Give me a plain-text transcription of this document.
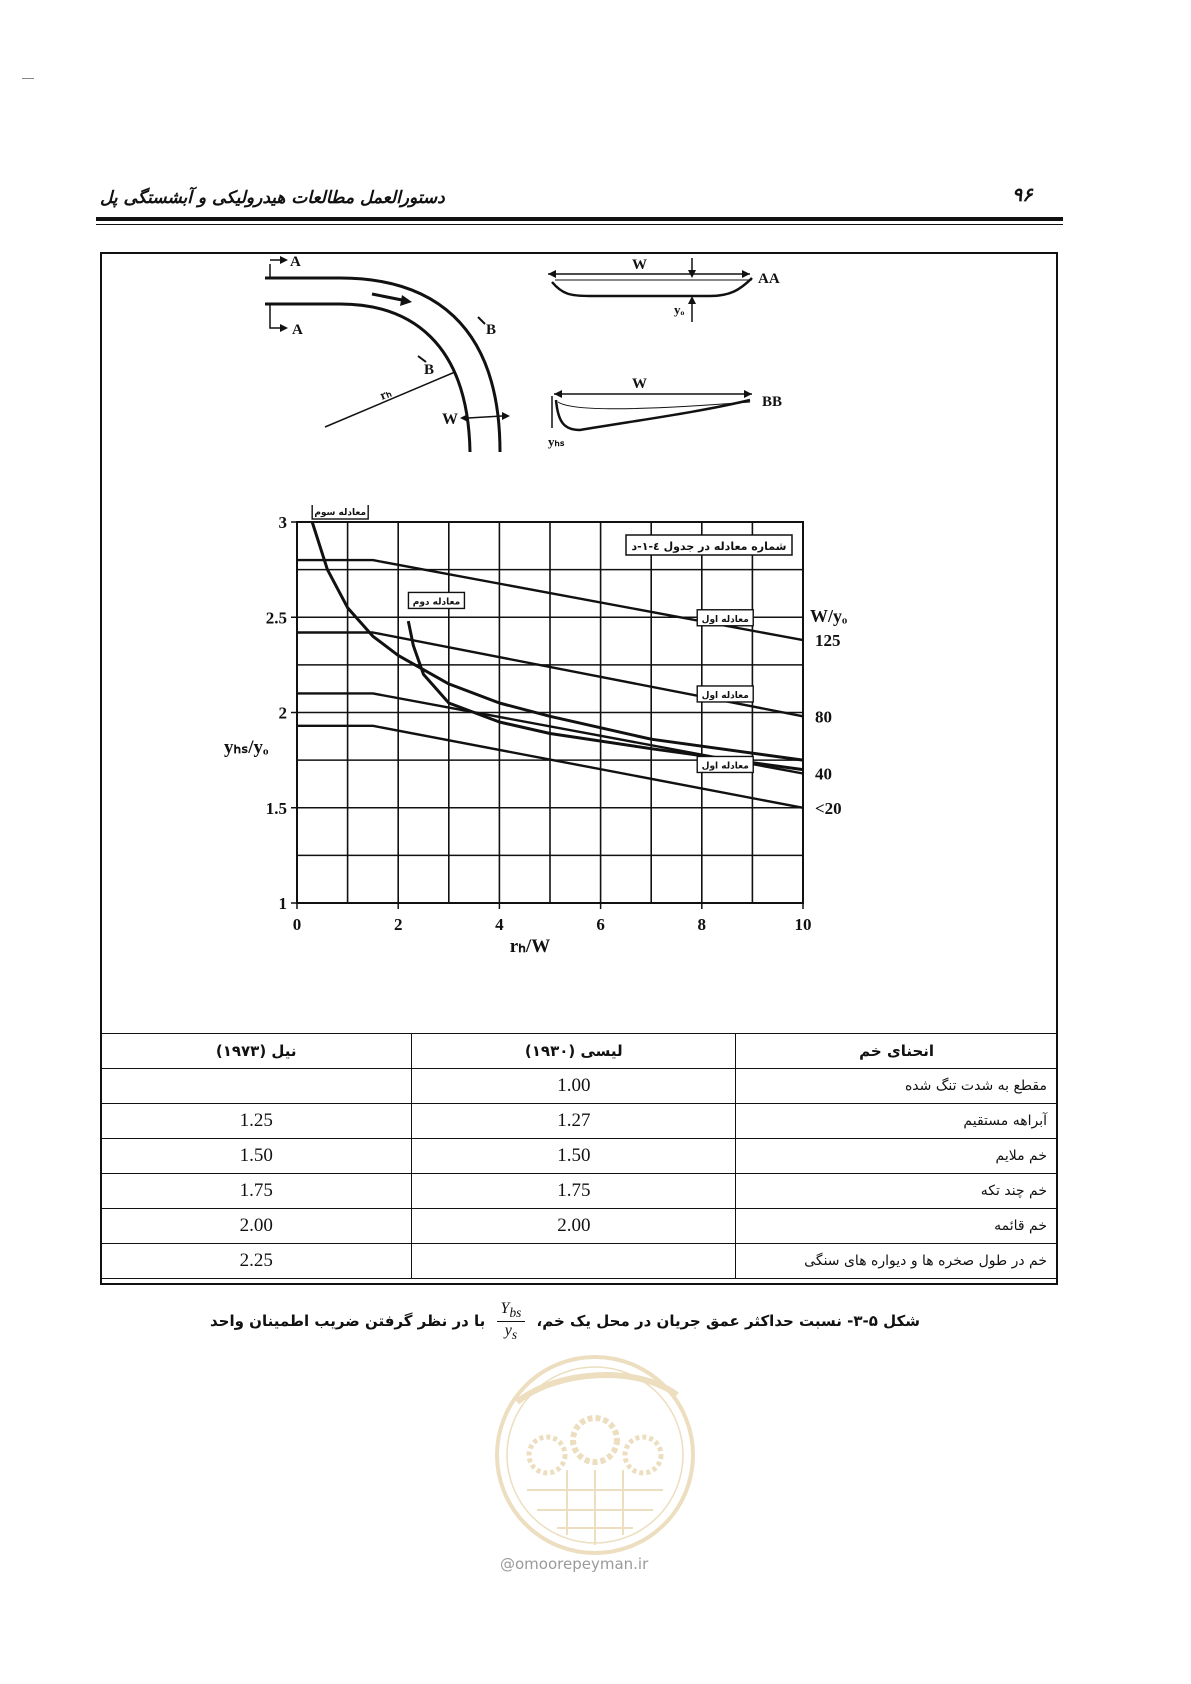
۹۶
دستورالعمل مطالعات هیدرولیکی و آبشستگی پل
A
A	B
B
rₕ
W
W
yₒ
AA
W
yₕₛ
BB
0	2	4	6	8	10
1
1.5
2
2.5
3	معادله سوم
معادله دوم
معادله اول
معادله اول
معادله اول
شماره معادله در جدول ٤-١-د
yₕₛ/yₒ
rₕ/W
W/yₒ
125
80
40
<20
انحنای خم	لیسی (۱۹۳۰)	نیل (۱۹۷۳)
مقطع به شدت تنگ شده	1.00	
آبراهه مستقیم	1.27	1.25
خم ملایم	1.50	1.50
خم چند تکه	1.75	1.75
خم قائمه	2.00	2.00
خم در طول صخره ها و دیواره های سنگی		2.25
شکل ۵-۳- نسبت حداکثر عمق جریان در محل یک خم،
$\frac{Y_{bs}}{y_s}$
با در نظر گرفتن ضریب اطمینان واحد
@omoorepeyman.ir
